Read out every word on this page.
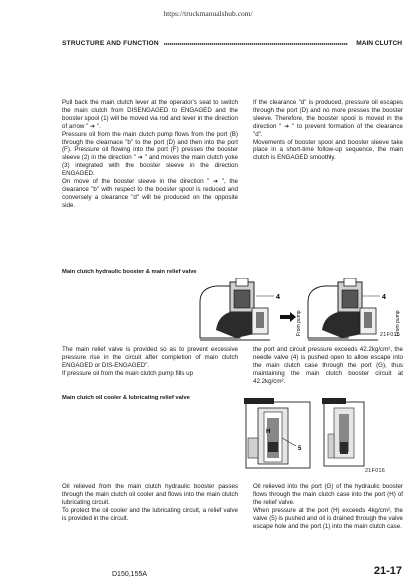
https://truckmanualshub.com/
STRUCTURE AND FUNCTION	MAIN CLUTCH
Pull back the main clutch lever at the operator's seat to switch the main clutch from DISENGAGED to ENGAGED and the booster spool (1) will be moved via rod and lever in the direction of arrow " ➔ ".
Pressure oil from the main clutch pump flows from the port (B) through the clearnace "b" to the port (D) and then into the port (F). Pressure oil flowing into the port (F) presses the booster sleeve (2) in the direction " ➔ " and moves the main clutch yoke (3) integrated with the booster sleeve in the direction ENGAGED.
On move of the booster sleeve in the direction " ➔ ", the clearance "b" with respect to the booster spool is reduced and conversely a clearance "d" will be produced on the opposite side.
If the clearance "d" is produced, pressure oil escapes through the port (D) and no more presses the booster sleeve. Therefore, the booster spool is moved in the direction " ➔ " to prevent formation of the clearance "d".
Movements of booster spool and booster sleeve take place in a short-time follow-up sequence, the main clutch is ENGAGED smoothly.
Main clutch hydraulic booster & main relief valve
4
From pump
4
From pump
21F015
The main relief valve is provided so as to prevent excessive pressure rise in the circuit after completion of main clutch ENGAGED or DIS-ENGAGED".
If pressure oil from the main clutch pump fills up
the port and circuit pressure exceeds 42.2kg/cm², the needle valve (4) is pushed open to allow escape into the main clutch case through the port (G), thus maintaining the main clutch booster circuit at 42.2kg/cm².
Main clutch oil cooler & lubricating relief valve
H
5
21F016
Oil relieved from the main clutch hydraulic booster passes through the main clutch oil cooler and flows into the main clutch lubricating circuit.
To protect the oil cooler and the lubricating circuit, a relief valve is provided in the circuit.
Oil relieved into the port (G) of the hydraulic booster flows through the main clutch case into the port (H) of the relief valve.
When pressure at the port (H) exceeds 4kg/cm², the valve (5) is pushed and oil is drained through the valve escape hole and the port (1) into the main clutch case.
D150,155A	21-17
